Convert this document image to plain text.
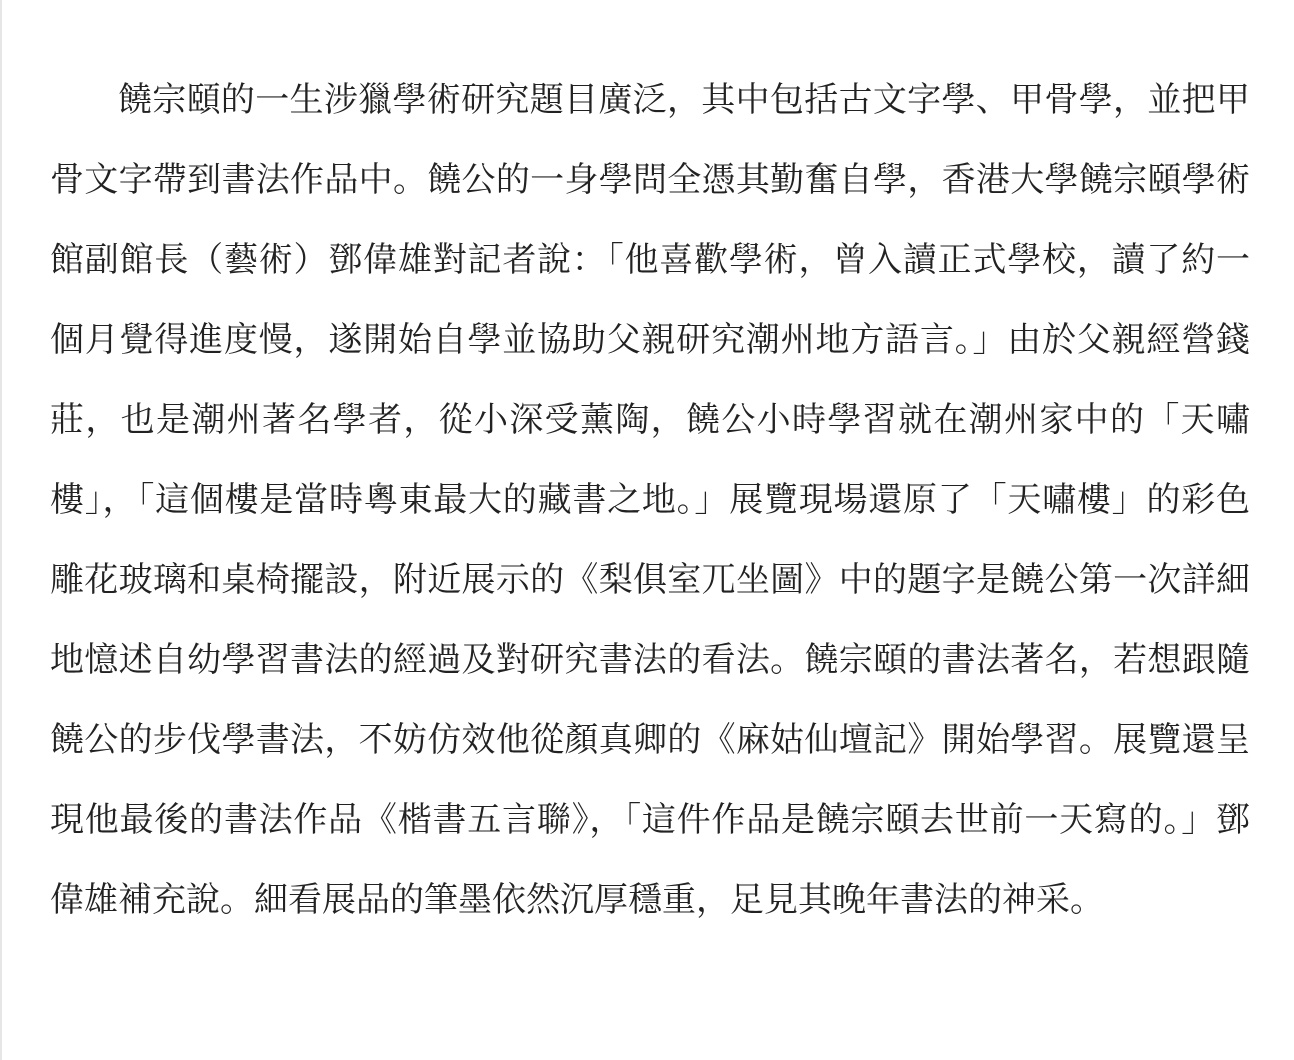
饒宗頤的一生涉獵學術研究題目廣泛，其中包括古文字學、甲骨學，並把甲骨文字帶到書法作品中。饒公的一身學問全憑其勤奮自學，香港大學饒宗頤學術館副館長（藝術）鄧偉雄對記者說：「他喜歡學術，曾入讀正式學校，讀了約一個月覺得進度慢，遂開始自學並協助父親研究潮州地方語言。」由於父親經營錢莊，也是潮州著名學者，從小深受薰陶，饒公小時學習就在潮州家中的「天嘯樓」，「這個樓是當時粵東最大的藏書之地。」展覽現場還原了「天嘯樓」的彩色雕花玻璃和桌椅擺設，附近展示的《梨俱室兀坐圖》中的題字是饒公第一次詳細地憶述自幼學習書法的經過及對研究書法的看法。饒宗頤的書法著名，若想跟隨饒公的步伐學書法，不妨仿效他從顏真卿的《麻姑仙壇記》開始學習。展覽還呈現他最後的書法作品《楷書五言聯》，「這件作品是饒宗頤去世前一天寫的。」鄧偉雄補充說。細看展品的筆墨依然沉厚穩重，足見其晚年書法的神采。
